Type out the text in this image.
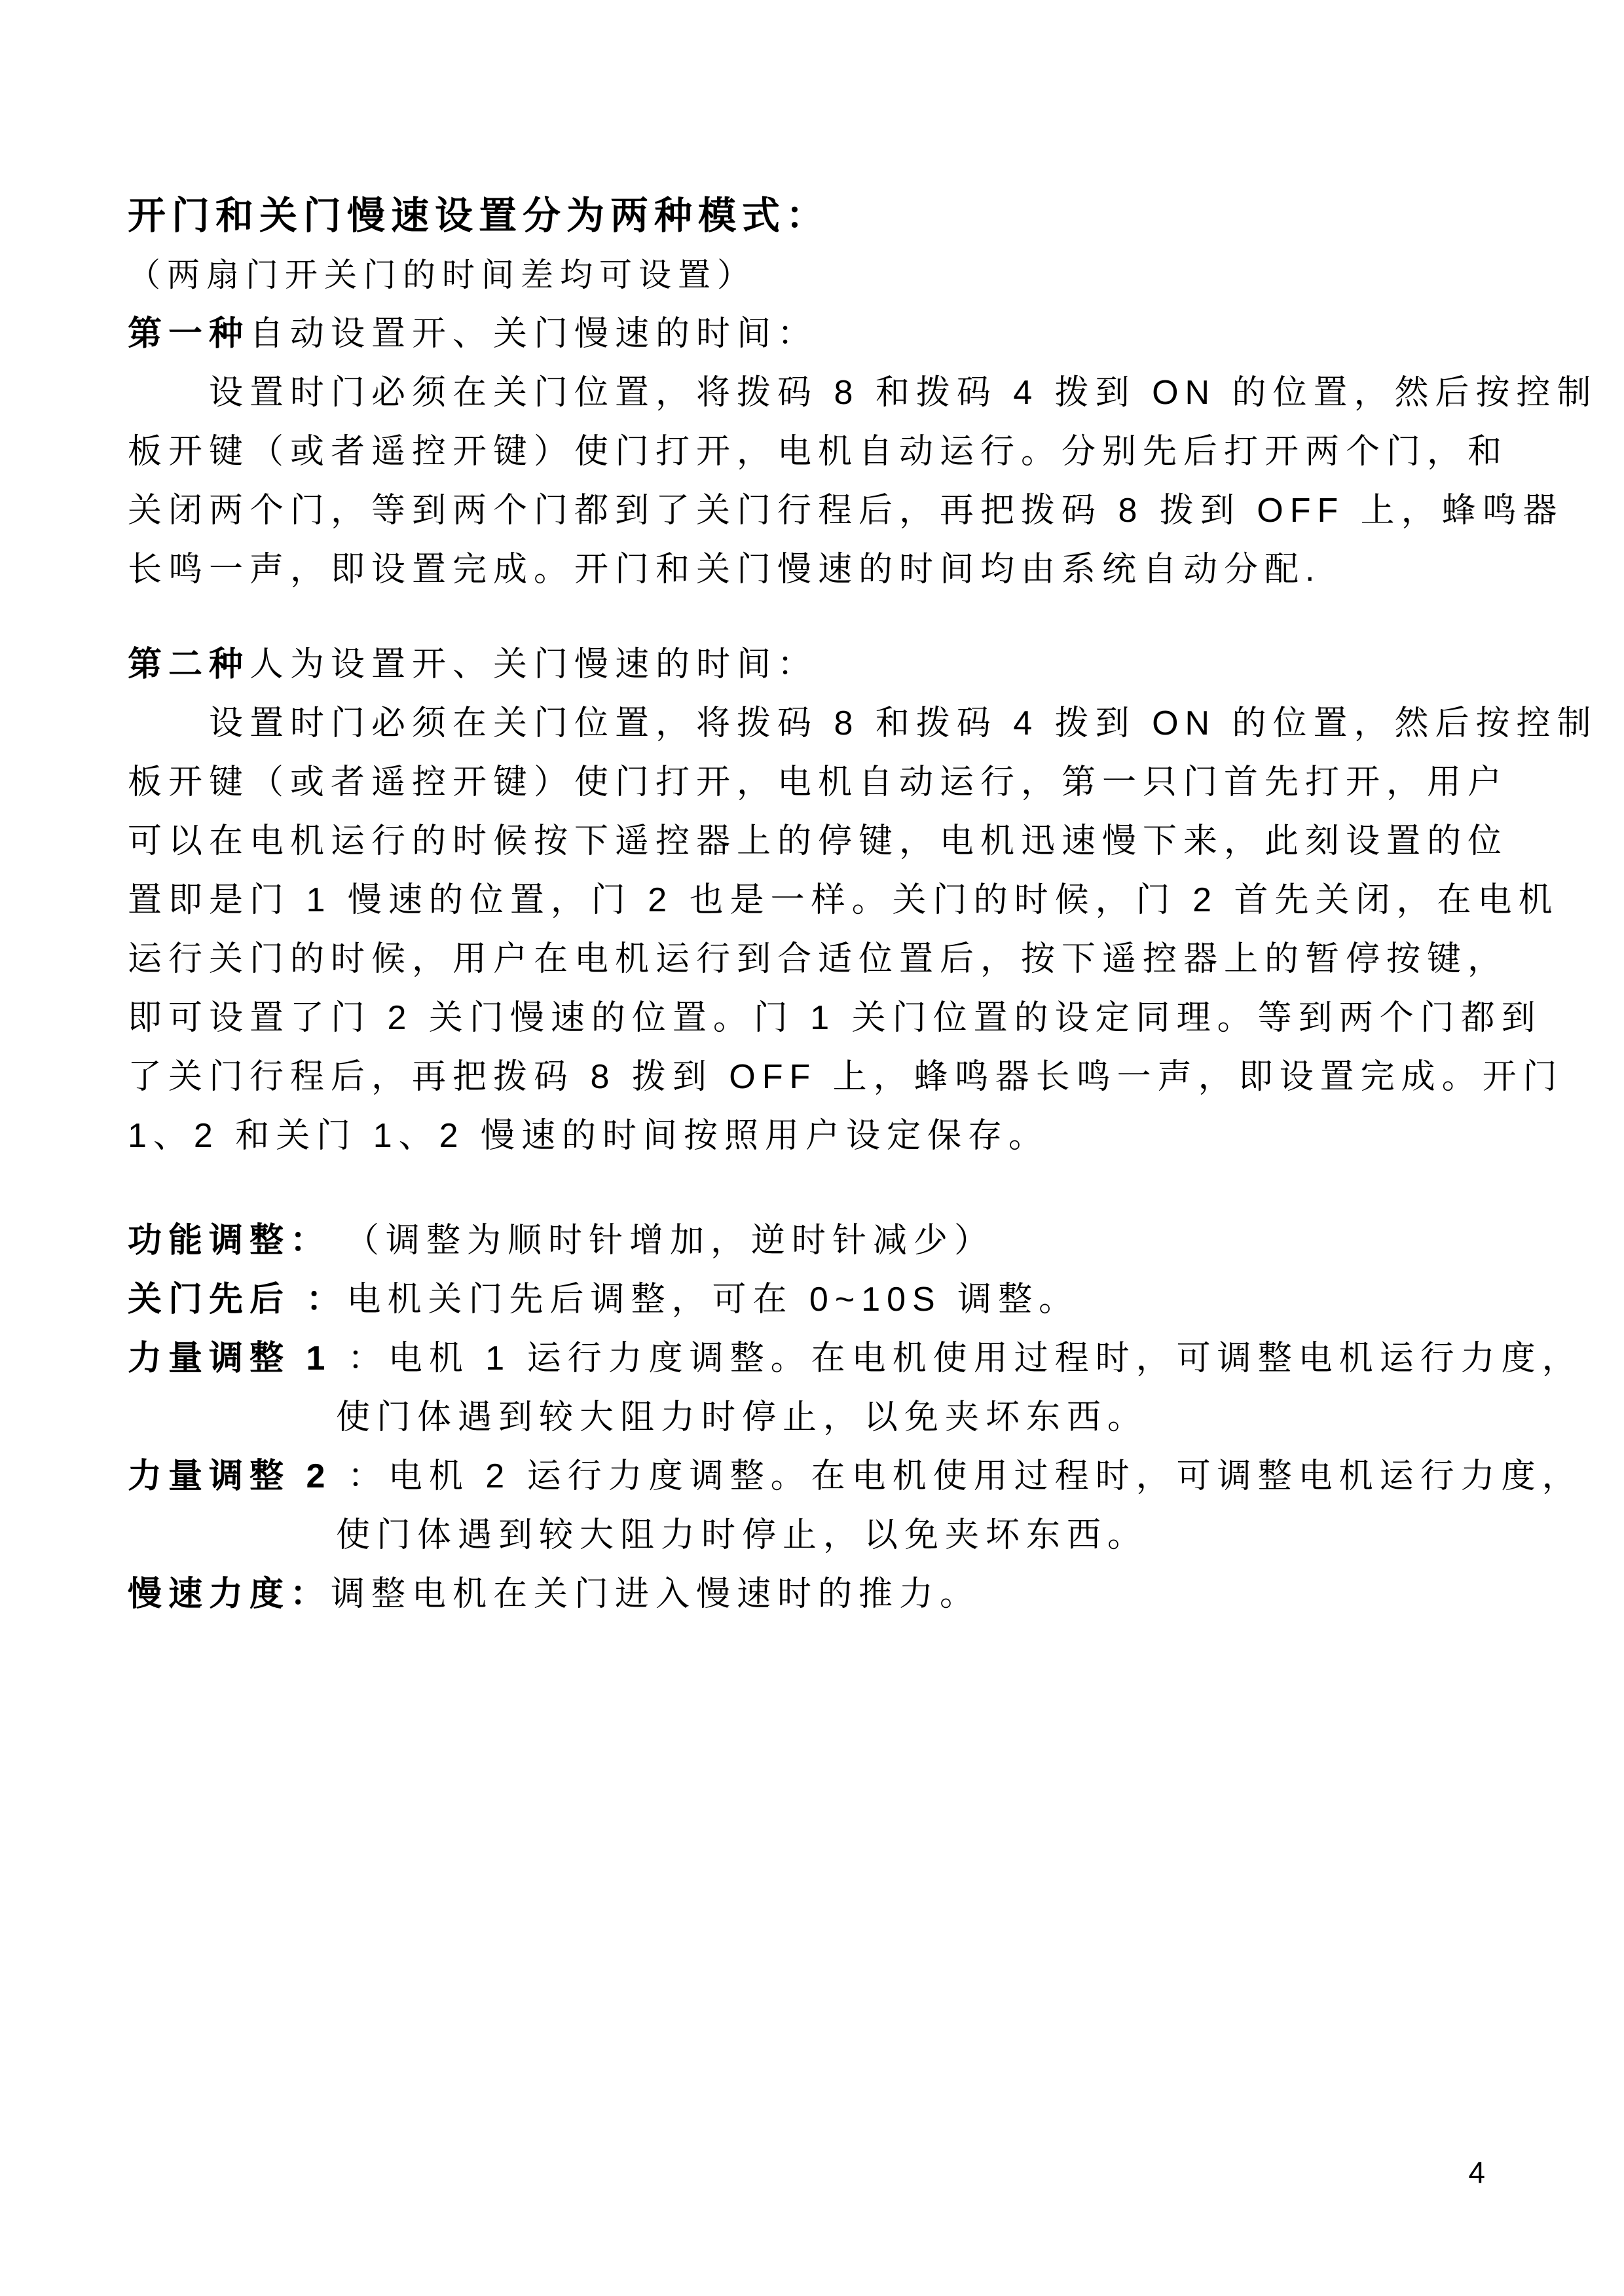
开门和关门慢速设置分为两种模式：
（两扇门开关门的时间差均可设置）
第一种自动设置开、关门慢速的时间：
设置时门必须在关门位置，将拨码 8 和拨码 4 拨到 ON 的位置，然后按控制
板开键（或者遥控开键）使门打开，电机自动运行。分别先后打开两个门，和
关闭两个门，等到两个门都到了关门行程后，再把拨码 8 拨到 OFF 上，蜂鸣器
长鸣一声，即设置完成。开门和关门慢速的时间均由系统自动分配.
第二种人为设置开、关门慢速的时间：
设置时门必须在关门位置，将拨码 8 和拨码 4 拨到 ON 的位置，然后按控制
板开键（或者遥控开键）使门打开，电机自动运行，第一只门首先打开，用户
可以在电机运行的时候按下遥控器上的停键，电机迅速慢下来，此刻设置的位
置即是门 1 慢速的位置，门 2 也是一样。关门的时候，门 2 首先关闭，在电机
运行关门的时候，用户在电机运行到合适位置后，按下遥控器上的暂停按键，
即可设置了门 2 关门慢速的位置。门 1 关门位置的设定同理。等到两个门都到
了关门行程后，再把拨码 8 拨到 OFF 上，蜂鸣器长鸣一声，即设置完成。开门
1、2 和关门 1、2 慢速的时间按照用户设定保存。
功能调整： （调整为顺时针增加，逆时针减少）
关门先后 ：电机关门先后调整，可在 0~10S 调整。
力量调整 1 ：电机 1 运行力度调整。在电机使用过程时，可调整电机运行力度，
使门体遇到较大阻力时停止，以免夹坏东西。
力量调整 2 ：电机 2 运行力度调整。在电机使用过程时，可调整电机运行力度，
使门体遇到较大阻力时停止，以免夹坏东西。
慢速力度：调整电机在关门进入慢速时的推力。
4
